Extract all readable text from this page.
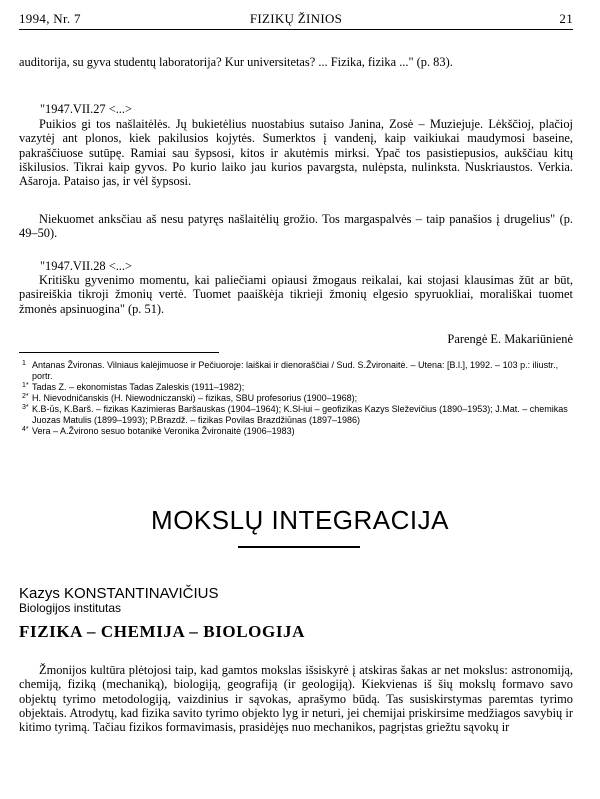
1994, Nr. 7	FIZIKŲ ŽINIOS	21

auditorija, su gyva studentų laboratorija? Kur universitetas? ... Fizika, fizika ..." (p. 83).

"1947.VII.27 <...>

Puikios gi tos našlaitėlės. Jų bukietėlius nuostabius sutaiso Janina, Zosė – Muziejuje. Lėkščioj, plačioj vazytėj ant plonos, kiek pakilusios kojytės. Sumerktos į vandenį, kaip vaikiukai maudymosi baseine, pakraščiuose sutūpę. Ramiai sau šypsosi, kitos ir akutėmis mirksi. Ypač tos pasistiepusios, aukščiau kitų iškilusios. Tikrai kaip gyvos. Po kurio laiko jau kurios pavargsta, nulėpsta, nulinksta. Nuskriaustos. Verkia. Ašaroja. Pataiso jas, ir vėl šypsosi.

Niekuomet anksčiau aš nesu patyręs našlaitėlių grožio. Tos margaspalvės – taip panašios į drugelius" (p. 49–50).

"1947.VII.28 <...>

Kritišku gyvenimo momentu, kai paliečiami opiausi žmogaus reikalai, kai stojasi klausimas žūt ar būt, pasireiškia tikroji žmonių vertė. Tuomet paaiškėja tikrieji žmonių elgesio spyruokliai, morališkai tuomet žmonės apsinuogina" (p. 51).

Parengė E. Makariūnienė
1 Antanas Žvironas. Vilniaus kalėjimuose ir Pečiuoroje: laiškai ir dienoraščiai / Sud. S.Žvironaitė. – Utena: [B.l.], 1992. – 103 p.: iliustr., portr.
1* Tadas Z. – ekonomistas Tadas Zaleskis (1911–1982);
2* H. Nievodničanskis (H. Niewodniczanski) – fizikas, SBU profesorius (1900–1968);
3* K.B-ūs, K.Barš. – fizikas Kazimieras Baršauskas (1904–1964); K.Sl-iui – geofizikas Kazys Sleževičius (1890–1953); J.Mat. – chemikas Juozas Matulis (1899–1993); P.Brazdž. – fizikas Povilas Brazdžiūnas (1897–1986)
4* Vera – A.Žvirono sesuo botanikė Veronika Žvironaitė (1906–1983)
MOKSLŲ INTEGRACIJA
Kazys KONSTANTINAVIČIUS
Biologijos institutas
FIZIKA – CHEMIJA – BIOLOGIJA

Žmonijos kultūra plėtojosi taip, kad gamtos mokslas išsiskyrė į atskiras šakas ar net mokslus: astronomiją, chemiją, fiziką (mechaniką), biologiją, geografiją (ir geologiją). Kiekvienas iš šių mokslų formavo savo objektų tyrimo metodologiją, vaizdinius ir sąvokas, aprašymo būdą. Tas susiskirstymas paremtas tyrimo objektais. Atrodytų, kad fizika savito tyrimo objekto lyg ir neturi, jei chemijai priskirsime medžiagos savybių ir kitimo tyrimą. Tačiau fizikos formavimasis, prasidėjęs nuo mechanikos, pagrįstas griežtu sąvokų ir
